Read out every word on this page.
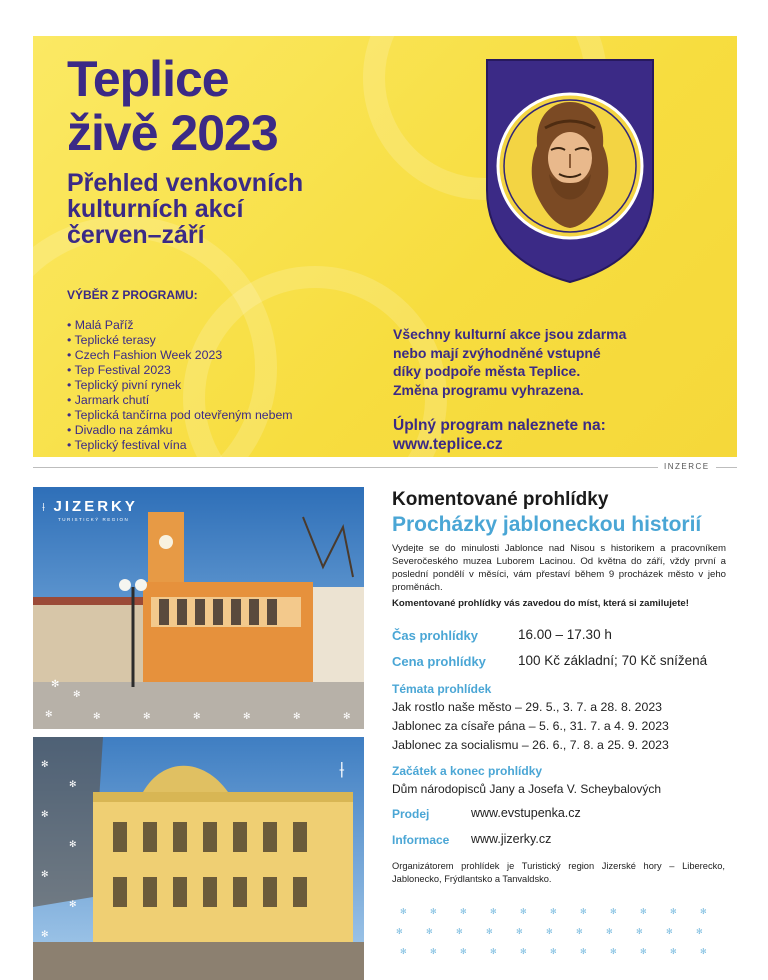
Teplice
živě 2023
Přehled venkovních
kulturních akcí
červen–září
VÝBĚR Z PROGRAMU:
• Malá Paříž
• Teplické terasy
• Czech Fashion Week 2023
• Tep Festival 2023
• Teplický pivní rynek
• Jarmark chutí
• Teplická tančírna pod otevřeným nebem
• Divadlo na zámku
• Teplický festival vína
Všechny kulturní akce jsou zdarma
nebo mají zvýhodněné vstupné
díky podpoře města Teplice.
Změna programu vyhrazena.
Úplný program naleznete na:
www.teplice.cz
INZERCE
✻
✻
✻	✻	✻	✻	✻	✻	✻
⟊ JIZERKY
TURISTICKÝ REGION
⟊
✻
✻
✻
✻
✻
✻
✻
Komentované prohlídky
Procházky jabloneckou historií
Vydejte se do minulosti Jablonce nad Nisou s historikem a pracovníkem Severočeského muzea Luborem Lacinou. Od května do září, vždy první a poslední pondělí v měsíci, vám přestaví během 9 procházek město v jeho proměnách.
Komentované prohlídky vás zavedou do míst, která si zamilujete!
Čas prohlídky	16.00 – 17.30 h
Cena prohlídky 100 Kč základní; 70 Kč snížená
Témata prohlídek
Jak rostlo naše město – 29. 5., 3. 7. a 28. 8. 2023
Jablonec za císaře pána – 5. 6., 31. 7. a 4. 9. 2023
Jablonec za socialismu – 26. 6., 7. 8. a 25. 9. 2023
Začátek a konec prohlídky
Dům národopisců Jany a Josefa V. Scheybalových
Prodej	www.evstupenka.cz
Informace www.jizerky.cz
Organizátorem prohlídek je Turistický region Jizerské hory – Liberecko, Jablonecko, Frýdlantsko a Tanvaldsko.
✻	✻	✻	✻	✻	✻	✻	✻	✻	✻	✻
✻	✻	✻	✻	✻	✻	✻	✻	✻	✻	✻
✻	✻	✻	✻	✻	✻	✻	✻	✻	✻	✻
